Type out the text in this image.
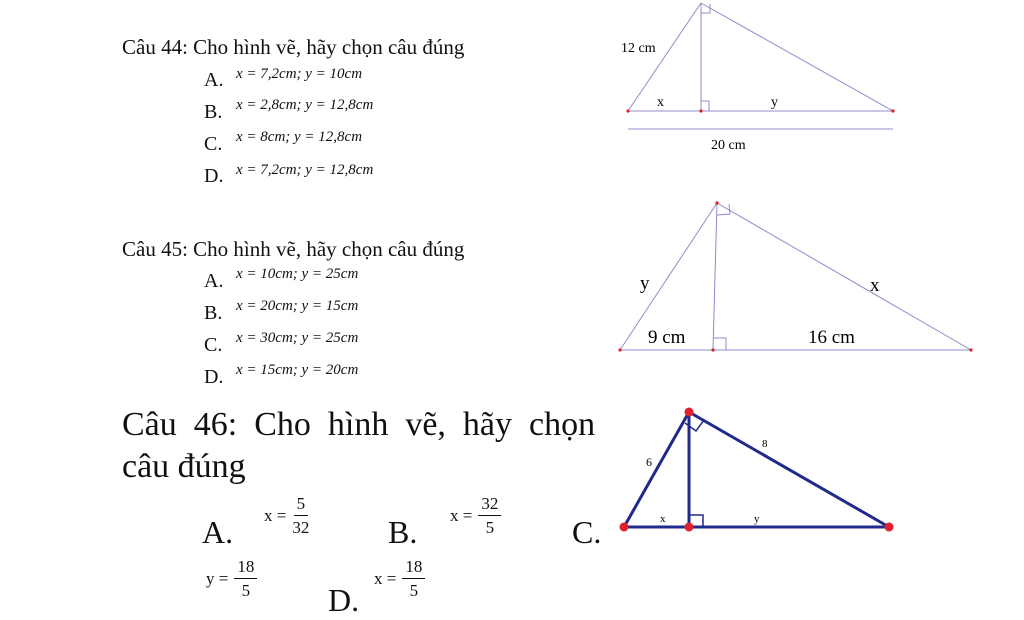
Câu 44: Cho hình vẽ, hãy chọn câu đúng
A. x = 7,2cm; y = 10cm
B. x = 2,8cm; y = 12,8cm
C. x = 8cm; y = 12,8cm
D. x = 7,2cm; y = 12,8cm
12 cm
x	y
20 cm
Câu 45: Cho hình vẽ, hãy chọn câu đúng
A. x = 10cm; y = 25cm
B. x = 20cm; y = 15cm
C. x = 30cm; y = 25cm
D. x = 15cm; y = 20cm
y	x
9 cm	16 cm
Câu  46:  Cho  hình  vẽ,  hãy  chọn
câu đúng
A. $x = \frac{5}{32} B$. $x = \frac{32}{5} C$.
$y = \frac{18}{5} D$.
$x = \frac{18}{5}$
6
8
x	y
